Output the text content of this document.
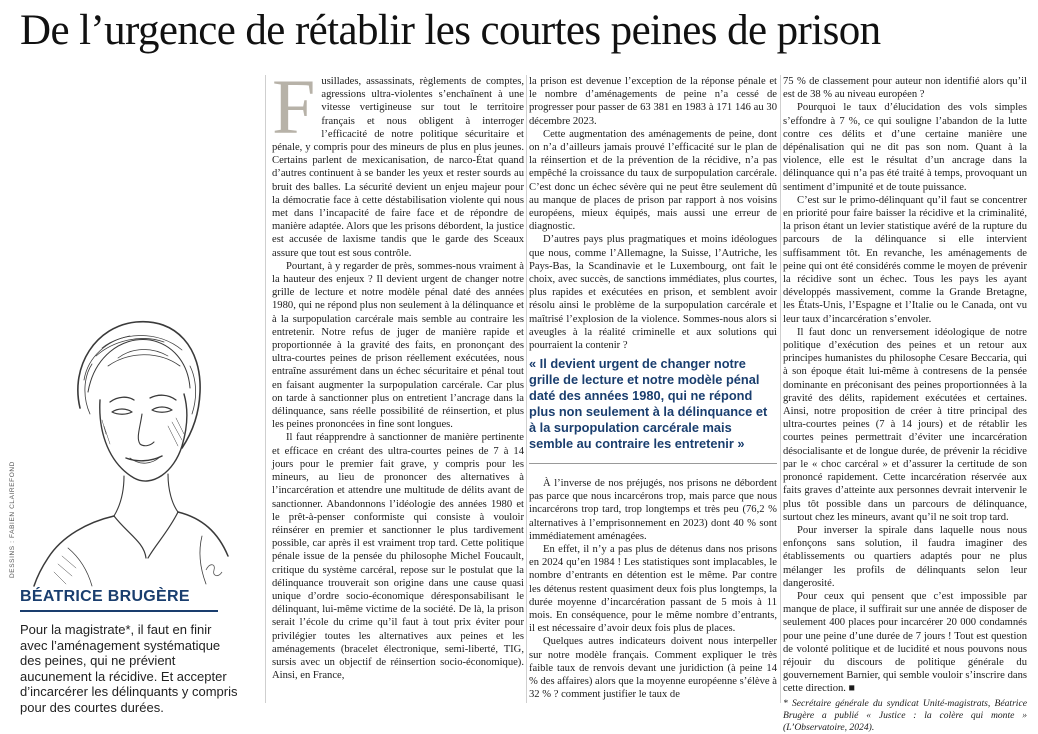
De l’urgence de rétablir les courtes peines de prison
DESSINS : FABIEN CLAIREFOND
BÉATRICE BRUGÈRE

Pour la magistrate*, il faut en finir avec l’aménagement systématique des peines, qui ne prévient aucunement la récidive. Et accepter d’incarcérer les délinquants y compris pour des courtes durées.

Fusillades, assassinats, règlements de comptes, agressions ultra-violentes s’enchaînent à une vitesse vertigineuse sur tout le territoire français et nous obligent à interroger l’efficacité de notre politique sécuritaire et pénale, y compris pour des mineurs de plus en plus jeunes. Certains parlent de mexicanisation, de narco-État quand d’autres continuent à se bander les yeux et rester sourds au bruit des balles. La sécurité devient un enjeu majeur pour la démocratie face à cette déstabilisation violente qui nous met dans l’incapacité de faire face et de répondre de manière adaptée. Alors que les prisons débordent, la justice est accusée de laxisme tandis que le garde des Sceaux assure que tout est sous contrôle.

Pourtant, à y regarder de près, sommes-nous vraiment à la hauteur des enjeux ? Il devient urgent de changer notre grille de lecture et notre modèle pénal daté des années 1980, qui ne répond plus non seulement à la délinquance et à la surpopulation carcérale mais semble au contraire les entretenir. Notre refus de juger de manière rapide et proportionnée à la gravité des faits, en prononçant des ultra-courtes peines de prison réellement exécutées, nous entraîne assurément dans un échec sécuritaire et pénal tout en faisant augmenter la surpopulation carcérale. Car plus on tarde à sanctionner plus on entretient l’ancrage dans la délinquance, sans réelle possibilité de réinsertion, et plus les peines prononcées in fine sont longues.

Il faut réapprendre à sanctionner de manière pertinente et efficace en créant des ultra-courtes peines de 7 à 14 jours pour le premier fait grave, y compris pour les mineurs, au lieu de prononcer des alternatives à l’incarcération et attendre une multitude de délits avant de sanctionner. Abandonnons l’idéologie des années 1980 et le prêt-à-penser conformiste qui consiste à vouloir réinsérer en premier et sanctionner le plus tardivement possible, car après il est vraiment trop tard. Cette politique pénale issue de la pensée du philosophe Michel Foucault, critique du système carcéral, repose sur le postulat que la délinquance trouverait son origine dans une cause quasi unique d’ordre socio-économique déresponsabilisant le délinquant, lui-même victime de la société. De là, la prison serait l’école du crime qu’il faut à tout prix éviter pour privilégier toutes les alternatives aux peines et les aménagements (bracelet électronique, semi-liberté, TIG, sursis avec un objectif de réinsertion socio-économique). Ainsi, en France,

la prison est devenue l’exception de la réponse pénale et le nombre d’aménagements de peine n’a cessé de progresser pour passer de 63 381 en 1983 à 171 146 au 30 décembre 2023.

Cette augmentation des aménagements de peine, dont on n’a d’ailleurs jamais prouvé l’efficacité sur le plan de la réinsertion et de la prévention de la récidive, n’a pas empêché la croissance du taux de surpopulation carcérale. C’est donc un échec sévère qui ne peut être seulement dû au manque de places de prison par rapport à nos voisins européens, mieux équipés, mais aussi une erreur de diagnostic.

D’autres pays plus pragmatiques et moins idéologues que nous, comme l’Allemagne, la Suisse, l’Autriche, les Pays-Bas, la Scandinavie et le Luxembourg, ont fait le choix, avec succès, de sanctions immédiates, plus courtes, plus rapides et exécutées en prison, et semblent avoir résolu ainsi le problème de la surpopulation carcérale et maîtrisé l’explosion de la violence. Sommes-nous alors si aveugles à la réalité criminelle et aux solutions qui pourraient la contenir ?

« Il devient urgent de changer notre grille de lecture et notre modèle pénal daté des années 1980, qui ne répond plus non seulement à la délinquance et à la surpopulation carcérale mais semble au contraire les entretenir »

À l’inverse de nos préjugés, nos prisons ne débordent pas parce que nous incarcérons trop, mais parce que nous incarcérons trop tard, trop longtemps et très peu (76,2 % alternatives à l’emprisonnement en 2023) dont 40 % sont immédiatement aménagées.

En effet, il n’y a pas plus de détenus dans nos prisons en 2024 qu’en 1984 ! Les statistiques sont implacables, le nombre d’entrants en détention est le même. Par contre les détenus restent quasiment deux fois plus longtemps, la durée moyenne d’incarcération passant de 5 mois à 11 mois. En conséquence, pour le même nombre d’entrants, il est nécessaire d’avoir deux fois plus de places.

Quelques autres indicateurs doivent nous interpeller sur notre modèle français. Comment expliquer le très faible taux de renvois devant une juridiction (à peine 14 % des affaires) alors que la moyenne européenne s’élève à 32 % ? comment justifier le taux de

75 % de classement pour auteur non identifié alors qu’il est de 38 % au niveau européen ?

Pourquoi le taux d’élucidation des vols simples s’effondre à 7 %, ce qui souligne l’abandon de la lutte contre ces délits et d’une certaine manière une dépénalisation qui ne dit pas son nom. Quant à la violence, elle est le résultat d’un ancrage dans la délinquance qui n’a pas été traité à temps, provoquant un sentiment d’impunité et de toute puissance.

C’est sur le primo-délinquant qu’il faut se concentrer en priorité pour faire baisser la récidive et la criminalité, la prison étant un levier statistique avéré de la rupture du parcours de la délinquance si elle intervient suffisamment tôt. En revanche, les aménagements de peine qui ont été considérés comme le moyen de prévenir la récidive sont un échec. Tous les pays les ayant développés massivement, comme la Grande Bretagne, les États-Unis, l’Espagne et l’Italie ou le Canada, ont vu leur taux d’incarcération s’envoler.

Il faut donc un renversement idéologique de notre politique d’exécution des peines et un retour aux principes humanistes du philosophe Cesare Beccaria, qui à son époque était lui-même à contresens de la pensée dominante en préconisant des peines proportionnées à la gravité des délits, rapidement exécutées et certaines. Ainsi, notre proposition de créer à titre principal des ultra-courtes peines (7 à 14 jours) et de rétablir les courtes peines permettrait d’éviter une incarcération désocialisante et de longue durée, de prévenir la récidive par le « choc carcéral » et d’assurer la certitude de son prononcé rapidement. Cette incarcération réservée aux faits graves d’atteinte aux personnes devrait intervenir le plus tôt possible dans un parcours de délinquance, surtout chez les mineurs, avant qu’il ne soit trop tard.

Pour inverser la spirale dans laquelle nous nous enfonçons sans solution, il faudra imaginer des établissements ou quartiers adaptés pour ne plus mélanger les profils de délinquants selon leur dangerosité.

Pour ceux qui pensent que c’est impossible par manque de place, il suffirait sur une année de disposer de seulement 400 places pour incarcérer 20 000 condamnés pour une peine d’une durée de 7 jours ! Tout est question de volonté politique et de lucidité et nous pouvons nous réjouir du discours de politique générale du gouvernement Barnier, qui semble vouloir s’inscrire dans cette direction. ■

* Secrétaire générale du syndicat Unité-magistrats, Béatrice Brugère a publié « Justice : la colère qui monte » (L’Observatoire, 2024).
